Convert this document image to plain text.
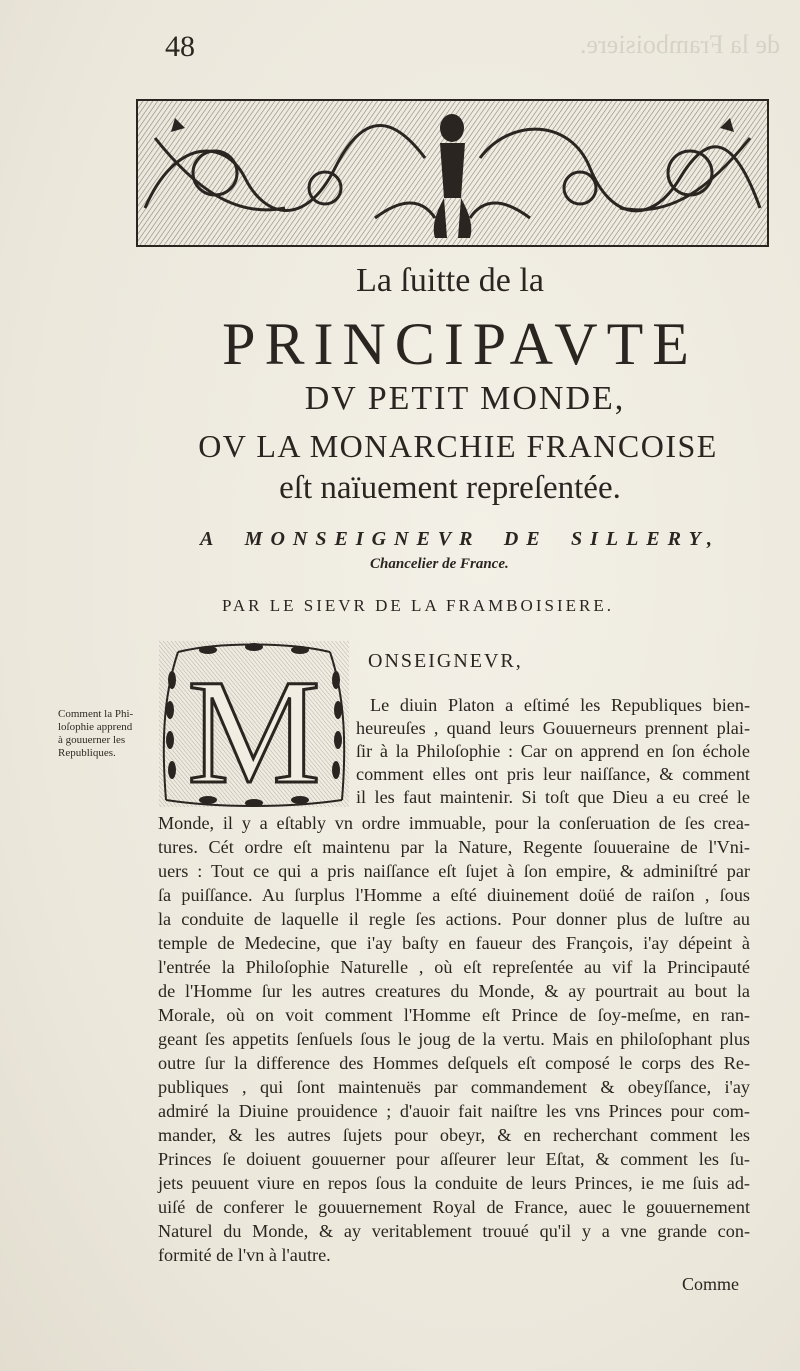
de la Framboisiere.
48
La ſuitte de la
PRINCIPAVTE
DV PETIT MONDE,
OV LA MONARCHIE FRANCOISE
eſt naïuement repreſentée.
A MONSEIGNEVR DE SILLERY,
Chancelier de France.
PAR LE SIEVR DE LA FRAMBOISIERE.
M ONSEIGNEVR,
Comment la Phi-
loſophie apprend
à gouuerner les
Republiques.
Le diuin Platon a eſtimé les Republiques bien-
heureuſes , quand leurs Gouuerneurs prennent plai-
ſir à la Philoſophie : Car on apprend en ſon échole
comment elles ont pris leur naiſſance, & comment
il les faut maintenir. Si toſt que Dieu a eu creé le
Monde, il y a eſtably vn ordre immuable, pour la conſeruation de ſes crea-
tures. Cét ordre eſt maintenu par la Nature, Regente ſouueraine de l'Vni-
uers : Tout ce qui a pris naiſſance eſt ſujet à ſon empire, & adminiſtré par
ſa puiſſance. Au ſurplus l'Homme a eſté diuinement doüé de raiſon , ſous
la conduite de laquelle il regle ſes actions. Pour donner plus de luſtre au
temple de Medecine, que i'ay baſty en faueur des François, i'ay dépeint à
l'entrée la Philoſophie Naturelle , où eſt repreſentée au vif la Principauté
de l'Homme ſur les autres creatures du Monde, & ay pourtrait au bout la
Morale, où on voit comment l'Homme eſt Prince de ſoy-meſme, en ran-
geant ſes appetits ſenſuels ſous le joug de la vertu. Mais en philoſophant plus
outre ſur la difference des Hommes deſquels eſt composé le corps des Re-
publiques , qui ſont maintenuës par commandement & obeyſſance, i'ay
admiré la Diuine prouidence ; d'auoir fait naiſtre les vns Princes pour com-
mander, & les autres ſujets pour obeyr, & en recherchant comment les
Princes ſe doiuent gouuerner pour aſſeurer leur Eſtat, & comment les ſu-
jets peuuent viure en repos ſous la conduite de leurs Princes, ie me ſuis ad-
uiſé de conferer le gouuernement Royal de France, auec le gouuernement
Naturel du Monde, & ay veritablement trouué qu'il y a vne grande con-
formité de l'vn à l'autre.
Comme
